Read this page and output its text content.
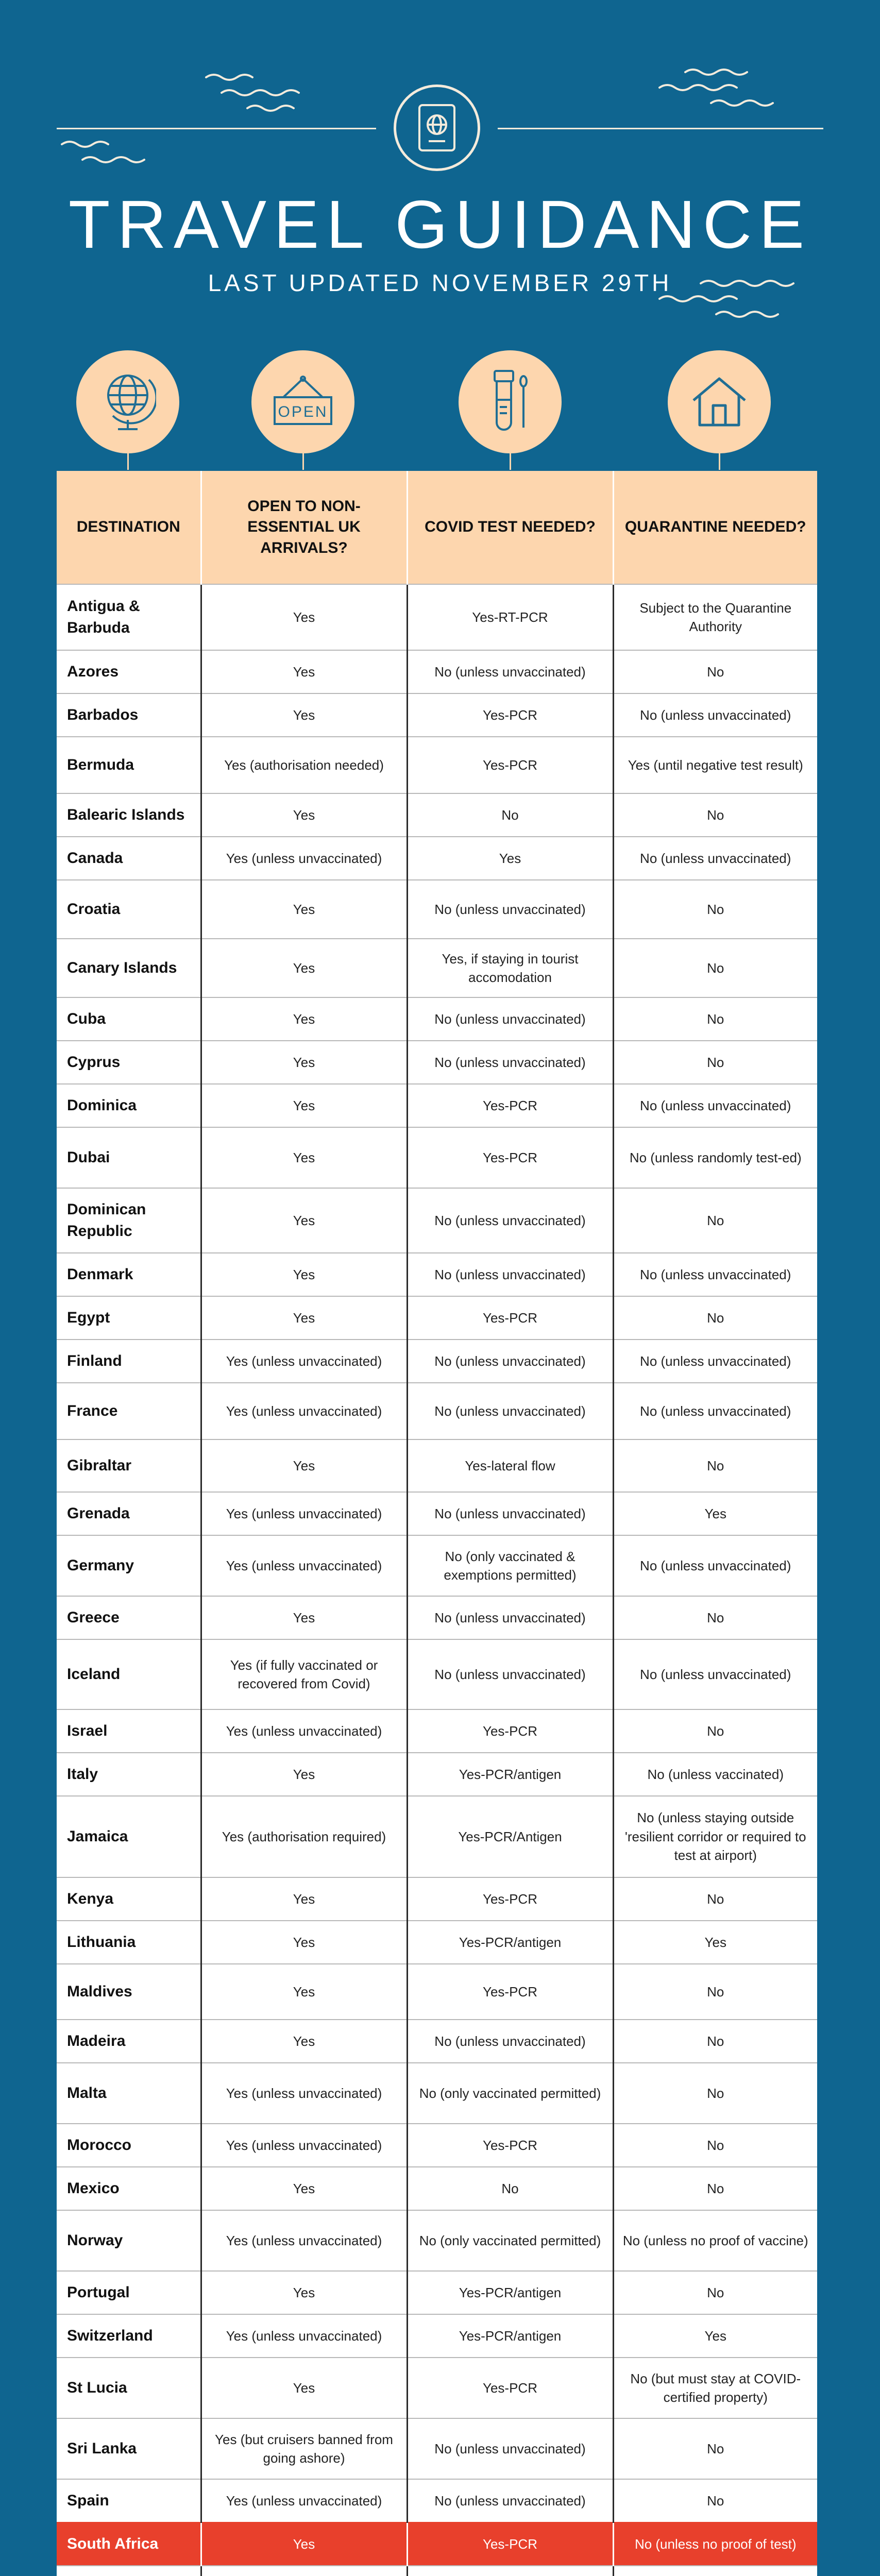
TRAVEL GUIDANCE
LAST UPDATED NOVEMBER 29TH
OPEN
DESTINATION	OPEN TO NON-ESSENTIAL UK ARRIVALS?	COVID TEST NEEDED?	QUARANTINE NEEDED?
Antigua & Barbuda	Yes	Yes-RT-PCR	Subject to the Quarantine Authority
Azores	Yes	No (unless unvaccinated)	No
Barbados	Yes	Yes-PCR	No (unless unvaccinated)
Bermuda	Yes (authorisation needed)	Yes-PCR	Yes (until negative test result)
Balearic Islands	Yes	No	No
Canada	Yes (unless unvaccinated)	Yes	No (unless unvaccinated)
Croatia	Yes	No (unless unvaccinated)	No
Canary Islands	Yes	Yes, if staying in tourist accomodation	No
Cuba	Yes	No (unless unvaccinated)	No
Cyprus	Yes	No (unless unvaccinated)	No
Dominica	Yes	Yes-PCR	No (unless unvaccinated)
Dubai	Yes	Yes-PCR	No (unless randomly test-ed)
Dominican Republic	Yes	No (unless unvaccinated)	No
Denmark	Yes	No (unless unvaccinated)	No (unless unvaccinated)
Egypt	Yes	Yes-PCR	No
Finland	Yes (unless unvaccinated)	No (unless unvaccinated)	No (unless unvaccinated)
France	Yes (unless unvaccinated)	No (unless unvaccinated)	No (unless unvaccinated)
Gibraltar	Yes	Yes-lateral flow	No
Grenada	Yes (unless unvaccinated)	No (unless unvaccinated)	Yes
Germany	Yes (unless unvaccinated)	No (only vaccinated & exemptions permitted)	No (unless unvaccinated)
Greece	Yes	No (unless unvaccinated)	No
Iceland	Yes (if fully vaccinated or recovered from Covid)	No (unless unvaccinated)	No (unless unvaccinated)
Israel	Yes (unless unvaccinated)	Yes-PCR	No
Italy	Yes	Yes-PCR/antigen	No (unless vaccinated)
Jamaica	Yes (authorisation required)	Yes-PCR/Antigen	No (unless staying outside 'resilient corridor or required to test at airport)
Kenya	Yes	Yes-PCR	No
Lithuania	Yes	Yes-PCR/antigen	Yes
Maldives	Yes	Yes-PCR	No
Madeira	Yes	No (unless unvaccinated)	No
Malta	Yes (unless unvaccinated)	No (only vaccinated permitted)	No
Morocco	Yes (unless unvaccinated)	Yes-PCR	No
Mexico	Yes	No	No
Norway	Yes (unless unvaccinated)	No (only vaccinated permitted)	No (unless no proof of vaccine)
Portugal	Yes	Yes-PCR/antigen	No
Switzerland	Yes (unless unvaccinated)	Yes-PCR/antigen	Yes
St Lucia	Yes	Yes-PCR	No (but must stay at COVID-certified property)
Sri Lanka	Yes (but cruisers banned from going ashore)	No (unless unvaccinated)	No
Spain	Yes (unless unvaccinated)	No (unless unvaccinated)	No
South Africa	Yes	Yes-PCR	No (unless no proof of test)
